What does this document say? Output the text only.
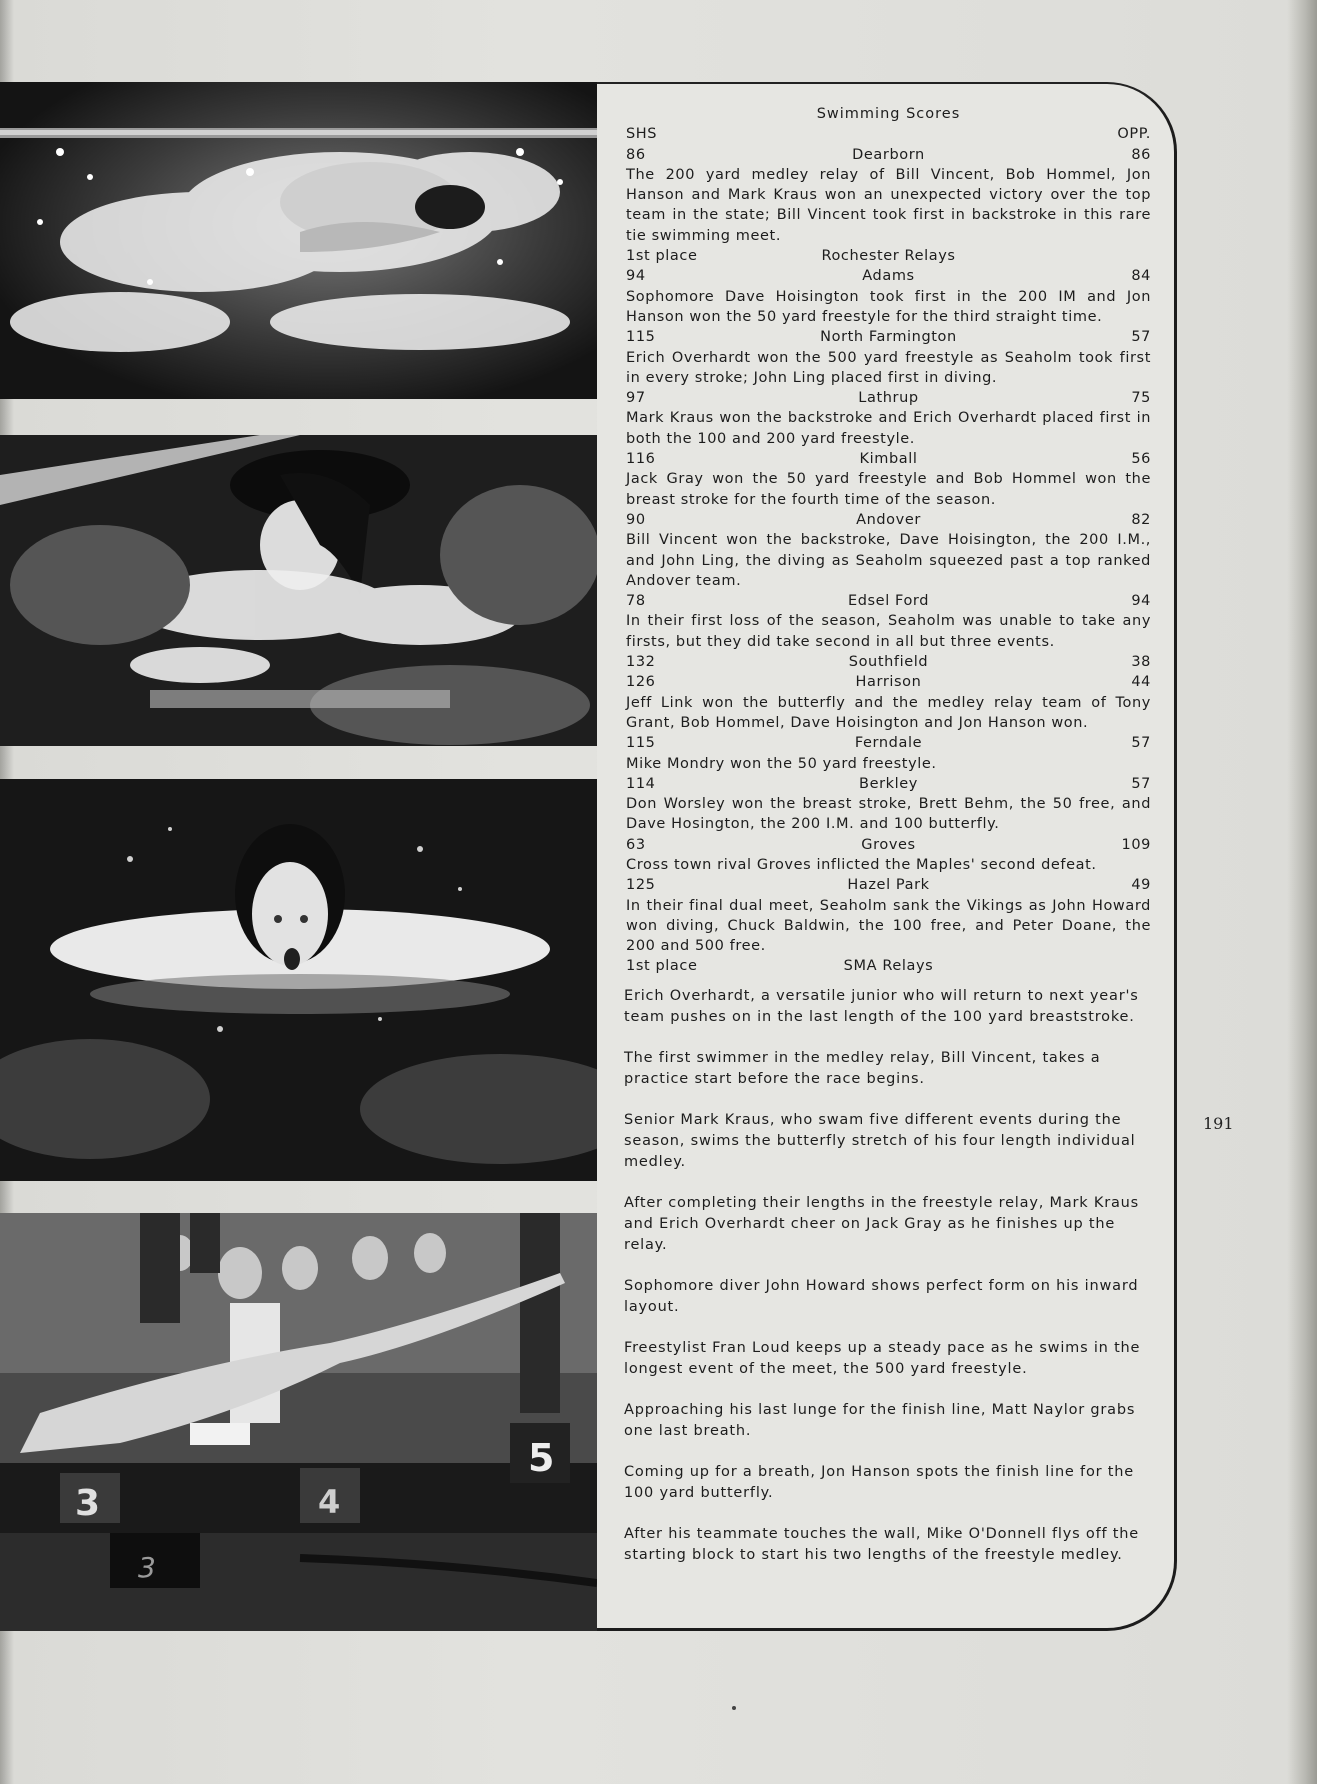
3	4
5
3
Swimming Scores
SHS	OPP.
86	Dearborn	86
The 200 yard medley relay of Bill Vincent, Bob Hommel, Jon Hanson and Mark Kraus won an unexpected victory over the top team in the state; Bill Vincent took first in backstroke in this rare tie swimming meet.
1st place	Rochester Relays
94	Adams	84
Sophomore Dave Hoisington took first in the 200 IM and Jon Hanson won the 50 yard freestyle for the third straight time.
115	North Farmington	57
Erich Overhardt won the 500 yard freestyle as Seaholm took first in every stroke; John Ling placed first in diving.
97	Lathrup	75
Mark Kraus won the backstroke and Erich Overhardt placed first in both the 100 and 200 yard freestyle.
116	Kimball	56
Jack Gray won the 50 yard freestyle and Bob Hommel won the breast stroke for the fourth time of the season.
90	Andover	82
Bill Vincent won the backstroke, Dave Hoisington, the 200 I.M., and John Ling, the diving as Seaholm squeezed past a top ranked Andover team.
78	Edsel Ford	94
In their first loss of the season, Seaholm was unable to take any firsts, but they did take second in all but three events.
132	Southfield	38
126	Harrison	44
Jeff Link won the butterfly and the medley relay team of Tony Grant, Bob Hommel, Dave Hoisington and Jon Hanson won.
115	Ferndale	57
Mike Mondry won the 50 yard freestyle.
114	Berkley	57
Don Worsley won the breast stroke, Brett Behm, the 50 free, and Dave Hosington, the 200 I.M. and 100 butterfly.
63	Groves	109
Cross town rival Groves inflicted the Maples' second defeat.
125	Hazel Park	49
In their final dual meet, Seaholm sank the Vikings as John Howard won diving, Chuck Baldwin, the 100 free, and Peter Doane, the 200 and 500 free.
1st place	SMA Relays

Erich Overhardt, a versatile junior who will return to next year's team pushes on in the last length of the 100 yard breaststroke.

The first swimmer in the medley relay, Bill Vincent, takes a practice start before the race begins.

Senior Mark Kraus, who swam five different events during the season, swims the butterfly stretch of his four length individual medley.

After completing their lengths in the freestyle relay, Mark Kraus and Erich Overhardt cheer on Jack Gray as he finishes up the relay.

Sophomore diver John Howard shows perfect form on his inward layout.

Freestylist Fran Loud keeps up a steady pace as he swims in the longest event of the meet, the 500 yard freestyle.

Approaching his last lunge for the finish line, Matt Naylor grabs one last breath.

Coming up for a breath, Jon Hanson spots the finish line for the 100 yard butterfly.

After his teammate touches the wall, Mike O'Donnell flys off the starting block to start his two lengths of the freestyle medley.

191
